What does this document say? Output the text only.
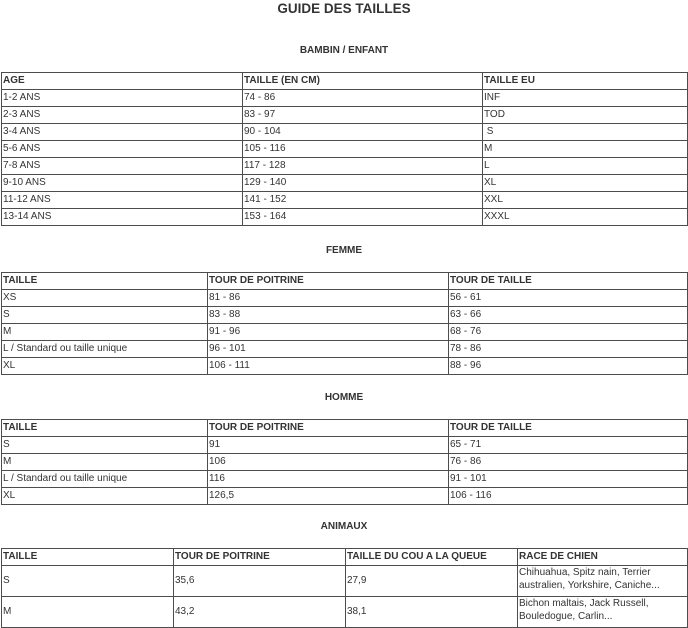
GUIDE DES TAILLES
BAMBIN / ENFANT
AGE	TAILLE (EN CM)	TAILLE EU
1-2 ANS	74 - 86	INF
2-3 ANS	83 - 97	TOD
3-4 ANS	90 - 104	S
5-6 ANS	105 - 116	M
7-8 ANS	117 - 128	L
9-10 ANS	129 - 140	XL
11-12 ANS	141 - 152	XXL
13-14 ANS	153 - 164	XXXL
FEMME
TAILLE	TOUR DE POITRINE	TOUR DE TAILLE
XS	81 - 86	56 - 61
S	83 - 88	63 - 66
M	91 - 96	68 - 76
L / Standard ou taille unique	96 - 101	78 - 86
XL	106 - 111	88 - 96
HOMME
TAILLE	TOUR DE POITRINE	TOUR DE TAILLE
S	91	65 - 71
M	106	76 - 86
L / Standard ou taille unique	116	91 - 101
XL	126,5	106 - 116
ANIMAUX
TAILLE	TOUR DE POITRINE	TAILLE DU COU A LA QUEUE	RACE DE CHIEN
S	35,6	27,9	Chihuahua, Spitz nain, Terrier australien, Yorkshire, Caniche...
M	43,2	38,1	Bichon maltais, Jack Russell, Bouledogue, Carlin...
